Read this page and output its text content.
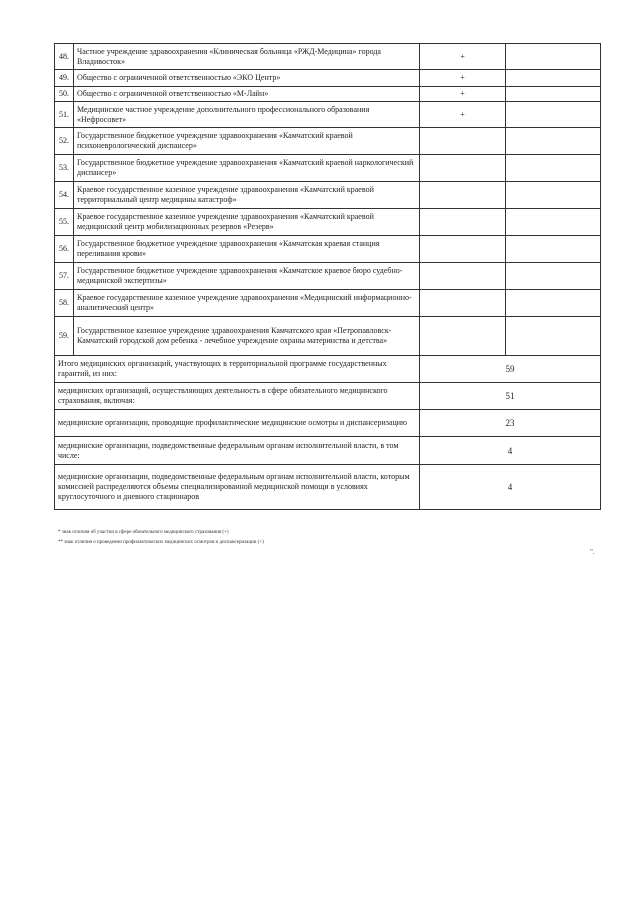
48.	Частное учреждение здравоохранения «Клиническая больница «РЖД-Медицина» города Владивосток»	+	
49.	Общество с ограниченной ответственностью «ЭКО Центр»	+	
50.	Общество с ограниченной ответственностью «М-Лайн»	+	
51.	Медицинское частное учреждение дополнительного профессионального образования «Нефросовет»	+	
52.	Государственное бюджетное учреждение здравоохранения «Камчатский краевой психоневрологический диспансер»		
53.	Государственное бюджетное учреждение здравоохранения «Камчатский краевой наркологический диспансер»		
54.	Краевое государственное казенное учреждение здравоохранения «Камчатский краевой территориальный центр медицины катастроф»		
55.	Краевое государственное казенное учреждение здравоохранения «Камчатский краевой медицинский центр мобилизационных резервов «Резерв»		
56.	Государственное бюджетное учреждение здравоохранения «Камчатская краевая станция переливания крови»		
57.	Государственное бюджетное учреждение здравоохранения «Камчатское краевое бюро судебно-медицинской экспертизы»		
58.	Краевое государственное казенное учреждение здравоохранения «Медицинский информационно-аналитический центр»		
59.	Государственное казенное учреждение здравоохранения Камчатского края «Петропавловск-Камчатский городской дом ребенка - лечебное учреждение охраны материнства и детства»		
Итого медицинских организаций, участвующих в территориальной программе государственных гарантий, из них:		59	
медицинских организаций, осуществляющих деятельность в сфере обязательного медицинского страхования, включая:		51	
медицинские организации, проводящие профилактические медицинские осмотры и диспансеризацию		23	
медицинские организации, подведомственные федеральным органам исполнительной власти, в том числе:		4	
медицинские организации, подведомственные федеральным органам исполнительной власти, которым комиссией распределяются объемы специализированной медицинской помощи в условиях круглосуточного и дневного стационаров		4	
* знак отличия об участии в сфере обязательного медицинского страхования (+)
** знак отличия о проведении профилактических медицинских осмотров и диспансеризации (+)
".
